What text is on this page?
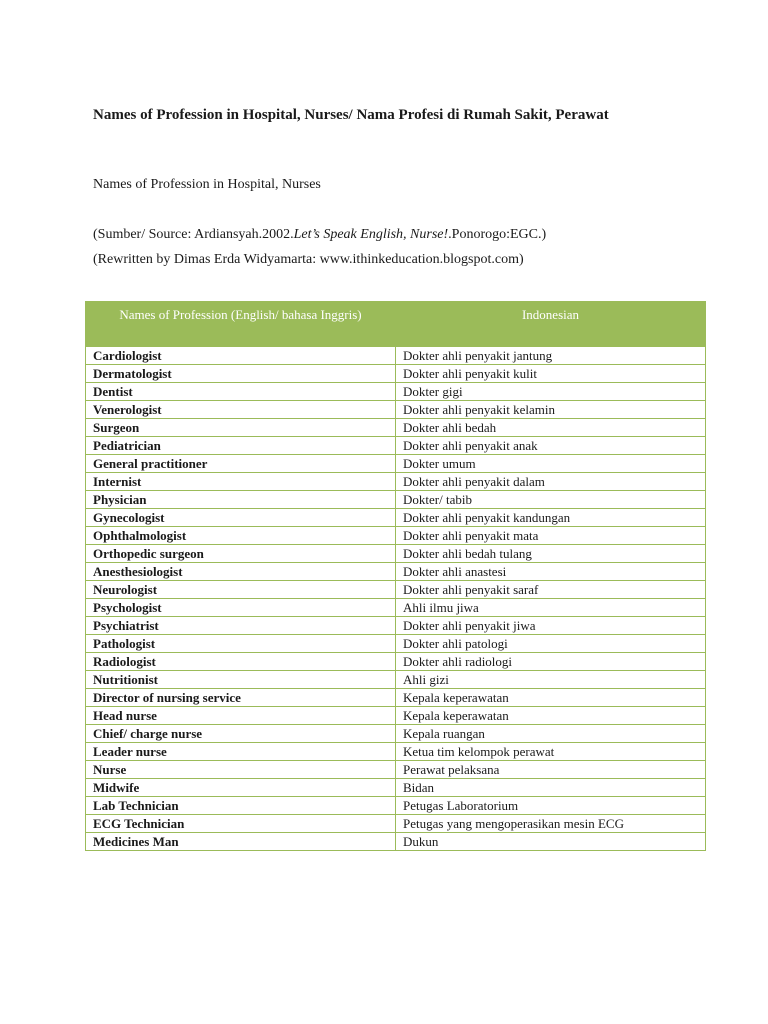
Names of Profession in Hospital, Nurses/ Nama Profesi di Rumah Sakit, Perawat

Names of Profession in Hospital, Nurses

(Sumber/ Source: Ardiansyah.2002.Let’s Speak English, Nurse!.Ponorogo:EGC.)

(Rewritten by Dimas Erda Widyamarta: www.ithinkeducation.blogspot.com)

Names of Profession (English/ bahasa Inggris)	Indonesian
Cardiologist	Dokter ahli penyakit jantung
Dermatologist	Dokter ahli penyakit kulit
Dentist	Dokter gigi
Venerologist	Dokter ahli penyakit kelamin
Surgeon	Dokter ahli bedah
Pediatrician	Dokter ahli penyakit anak
General practitioner	Dokter umum
Internist	Dokter ahli penyakit dalam
Physician	Dokter/ tabib
Gynecologist	Dokter ahli penyakit kandungan
Ophthalmologist	Dokter ahli penyakit mata
Orthopedic surgeon	Dokter ahli bedah tulang
Anesthesiologist	Dokter ahli anastesi
Neurologist	Dokter ahli penyakit saraf
Psychologist	Ahli ilmu jiwa
Psychiatrist	Dokter ahli penyakit jiwa
Pathologist	Dokter ahli patologi
Radiologist	Dokter ahli radiologi
Nutritionist	Ahli gizi
Director of nursing service	Kepala keperawatan
Head nurse	Kepala keperawatan
Chief/ charge nurse	Kepala ruangan
Leader nurse	Ketua tim kelompok perawat
Nurse	Perawat pelaksana
Midwife	Bidan
Lab Technician	Petugas Laboratorium
ECG Technician	Petugas yang mengoperasikan mesin ECG
Medicines Man	Dukun
